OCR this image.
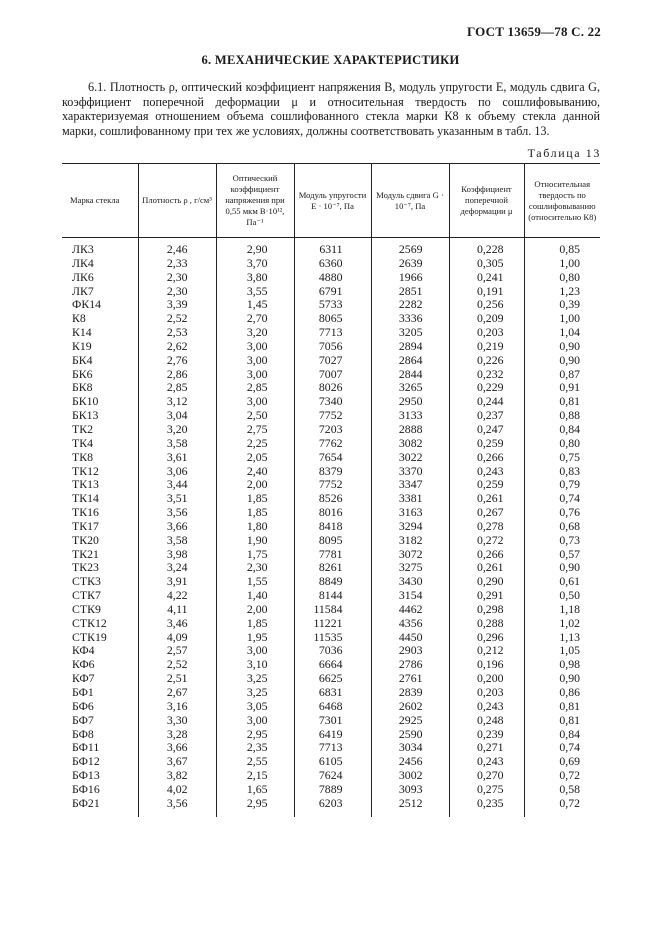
ГОСТ 13659—78 С. 22
6. МЕХАНИЧЕСКИЕ ХАРАКТЕРИСТИКИ
6.1. Плотность ρ, оптический коэффициент напряжения B, модуль упругости E, модуль сдвига G, коэффициент поперечной деформации μ и относительная твердость по сошлифовыванию, характеризуемая отношением объема сошлифованного стекла марки К8 к объему стекла данной марки, сошлифованному при тех же условиях, должны соответствовать указанным в табл. 13.
Таблица 13
Марка стекла	Плотность ρ , г/см³	Оптический коэффициент напряжения при 0,55 мкм B·10¹², Па⁻¹	Модуль упругости E · 10⁻⁷, Па	Модуль сдвига G · 10⁻⁷, Па	Коэффициент поперечной деформации μ	Относительная твердость по сошлифовыванию (относительно К8)
ЛК3	2,46	2,90	6311	2569	0,228	0,85
ЛК4	2,33	3,70	6360	2639	0,305	1,00
ЛК6	2,30	3,80	4880	1966	0,241	0,80
ЛК7	2,30	3,55	6791	2851	0,191	1,23
ФК14	3,39	1,45	5733	2282	0,256	0,39
К8	2,52	2,70	8065	3336	0,209	1,00
К14	2,53	3,20	7713	3205	0,203	1,04
К19	2,62	3,00	7056	2894	0,219	0,90
БК4	2,76	3,00	7027	2864	0,226	0,90
БК6	2,86	3,00	7007	2844	0,232	0,87
БК8	2,85	2,85	8026	3265	0,229	0,91
БК10	3,12	3,00	7340	2950	0,244	0,81
БК13	3,04	2,50	7752	3133	0,237	0,88
ТК2	3,20	2,75	7203	2888	0,247	0,84
ТК4	3,58	2,25	7762	3082	0,259	0,80
ТК8	3,61	2,05	7654	3022	0,266	0,75
ТК12	3,06	2,40	8379	3370	0,243	0,83
ТК13	3,44	2,00	7752	3347	0,259	0,79
ТК14	3,51	1,85	8526	3381	0,261	0,74
ТК16	3,56	1,85	8016	3163	0,267	0,76
ТК17	3,66	1,80	8418	3294	0,278	0,68
ТК20	3,58	1,90	8095	3182	0,272	0,73
ТК21	3,98	1,75	7781	3072	0,266	0,57
ТК23	3,24	2,30	8261	3275	0,261	0,90
СТК3	3,91	1,55	8849	3430	0,290	0,61
СТК7	4,22	1,40	8144	3154	0,291	0,50
СТК9	4,11	2,00	11584	4462	0,298	1,18
СТК12	3,46	1,85	11221	4356	0,288	1,02
СТК19	4,09	1,95	11535	4450	0,296	1,13
КФ4	2,57	3,00	7036	2903	0,212	1,05
КФ6	2,52	3,10	6664	2786	0,196	0,98
КФ7	2,51	3,25	6625	2761	0,200	0,90
БФ1	2,67	3,25	6831	2839	0,203	0,86
БФ6	3,16	3,05	6468	2602	0,243	0,81
БФ7	3,30	3,00	7301	2925	0,248	0,81
БФ8	3,28	2,95	6419	2590	0,239	0,84
БФ11	3,66	2,35	7713	3034	0,271	0,74
БФ12	3,67	2,55	6105	2456	0,243	0,69
БФ13	3,82	2,15	7624	3002	0,270	0,72
БФ16	4,02	1,65	7889	3093	0,275	0,58
БФ21	3,56	2,95	6203	2512	0,235	0,72
